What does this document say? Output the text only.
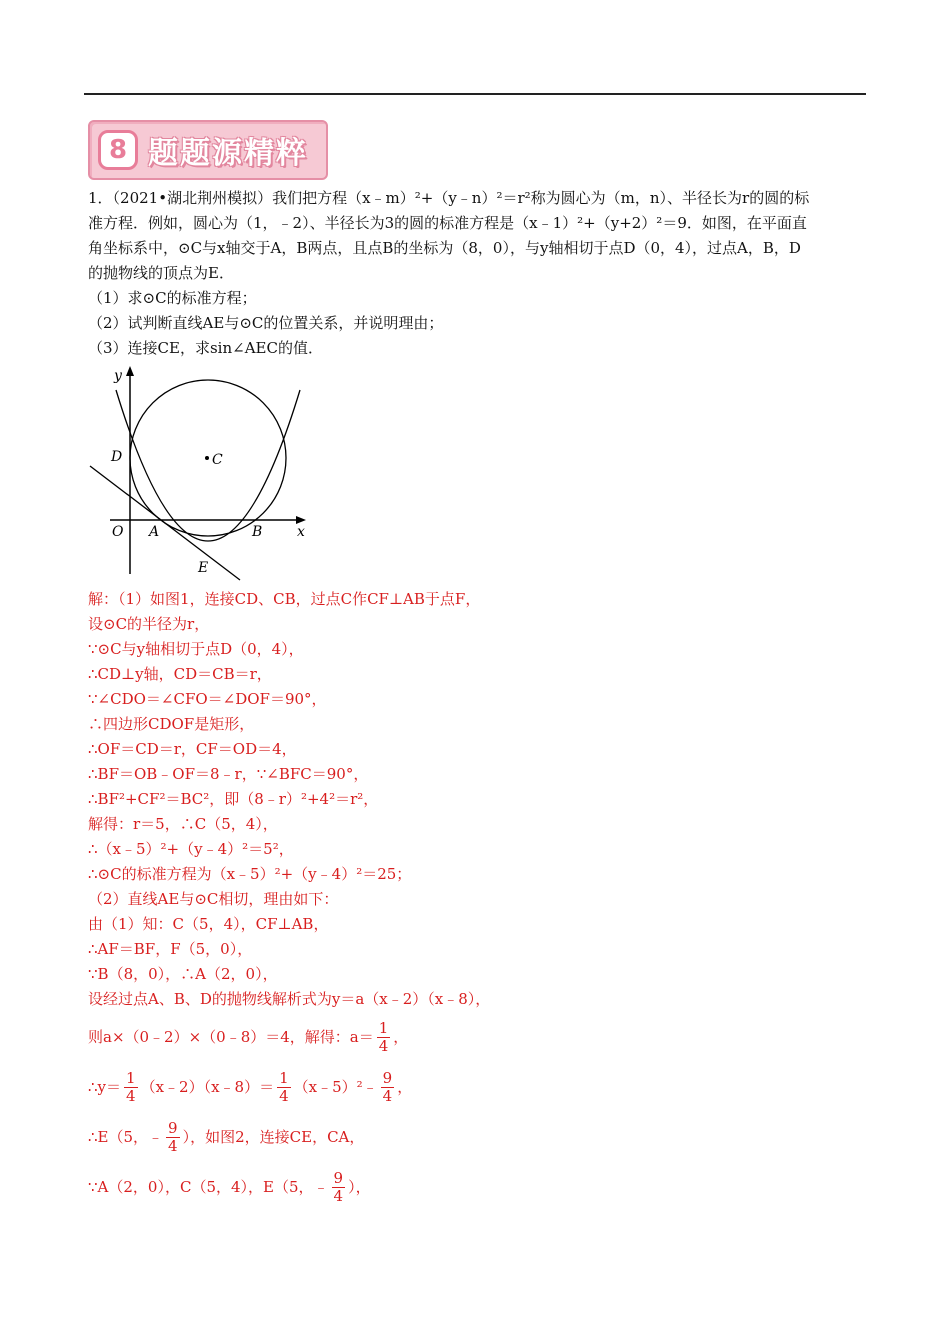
8 题题源精粹

1．（2021•湖北荆州模拟）我们把方程（x﹣m）²+（y﹣n）²＝r²称为圆心为（m，n）、半径长为r的圆的标

准方程．例如，圆心为（1，﹣2）、半径长为3的圆的标准方程是（x﹣1）²+（y+2）²＝9．如图，在平面直

角坐标系中，⊙C与x轴交于A，B两点，且点B的坐标为（8，0），与y轴相切于点D（0，4），过点A，B，D

的抛物线的顶点为E．

（1）求⊙C的标准方程；

（2）试判断直线AE与⊙C的位置关系，并说明理由；

（3）连接CE，求sin∠AEC的值．

y
x
O A	B
C
D
E
解：（1）如图1，连接CD、CB，过点C作CF⊥AB于点F，
设⊙C的半径为r，
∵⊙C与y轴相切于点D（0，4），
∴CD⊥y轴，CD＝CB＝r，
∵∠CDO＝∠CFO＝∠DOF＝90°，
∴四边形CDOF是矩形，
∴OF＝CD＝r，CF＝OD＝4，
∴BF＝OB﹣OF＝8﹣r，∵∠BFC＝90°，
∴BF²+CF²＝BC²，即（8﹣r）²+4²＝r²，
解得：r＝5，∴C（5，4），
∴（x﹣5）²+（y﹣4）²＝5²，
∴⊙C的标准方程为（x﹣5）²+（y﹣4）²＝25；
（2）直线AE与⊙C相切，理由如下：
由（1）知：C（5，4），CF⊥AB，
∴AF＝BF，F（5，0），
∵B（8，0），∴A（2，0），
设经过点A、B、D的抛物线解析式为y＝a（x﹣2）（x﹣8），
则a×（0﹣2）×（0﹣8）＝4，解得：$a= \frac{1}{4}$ ，
∴y＝ $\frac{1}{4}$ （x﹣2）（x﹣8）＝ $\frac{1}{4}$ （x﹣5）²﹣ $\frac{9}{4}$ ，
∴E（5，﹣ $\frac{9}{4}$ ），如图2，连接CE，CA，
∵A（2，0），C（5，4），E（5，﹣ $\frac{9}{4}$ ），
